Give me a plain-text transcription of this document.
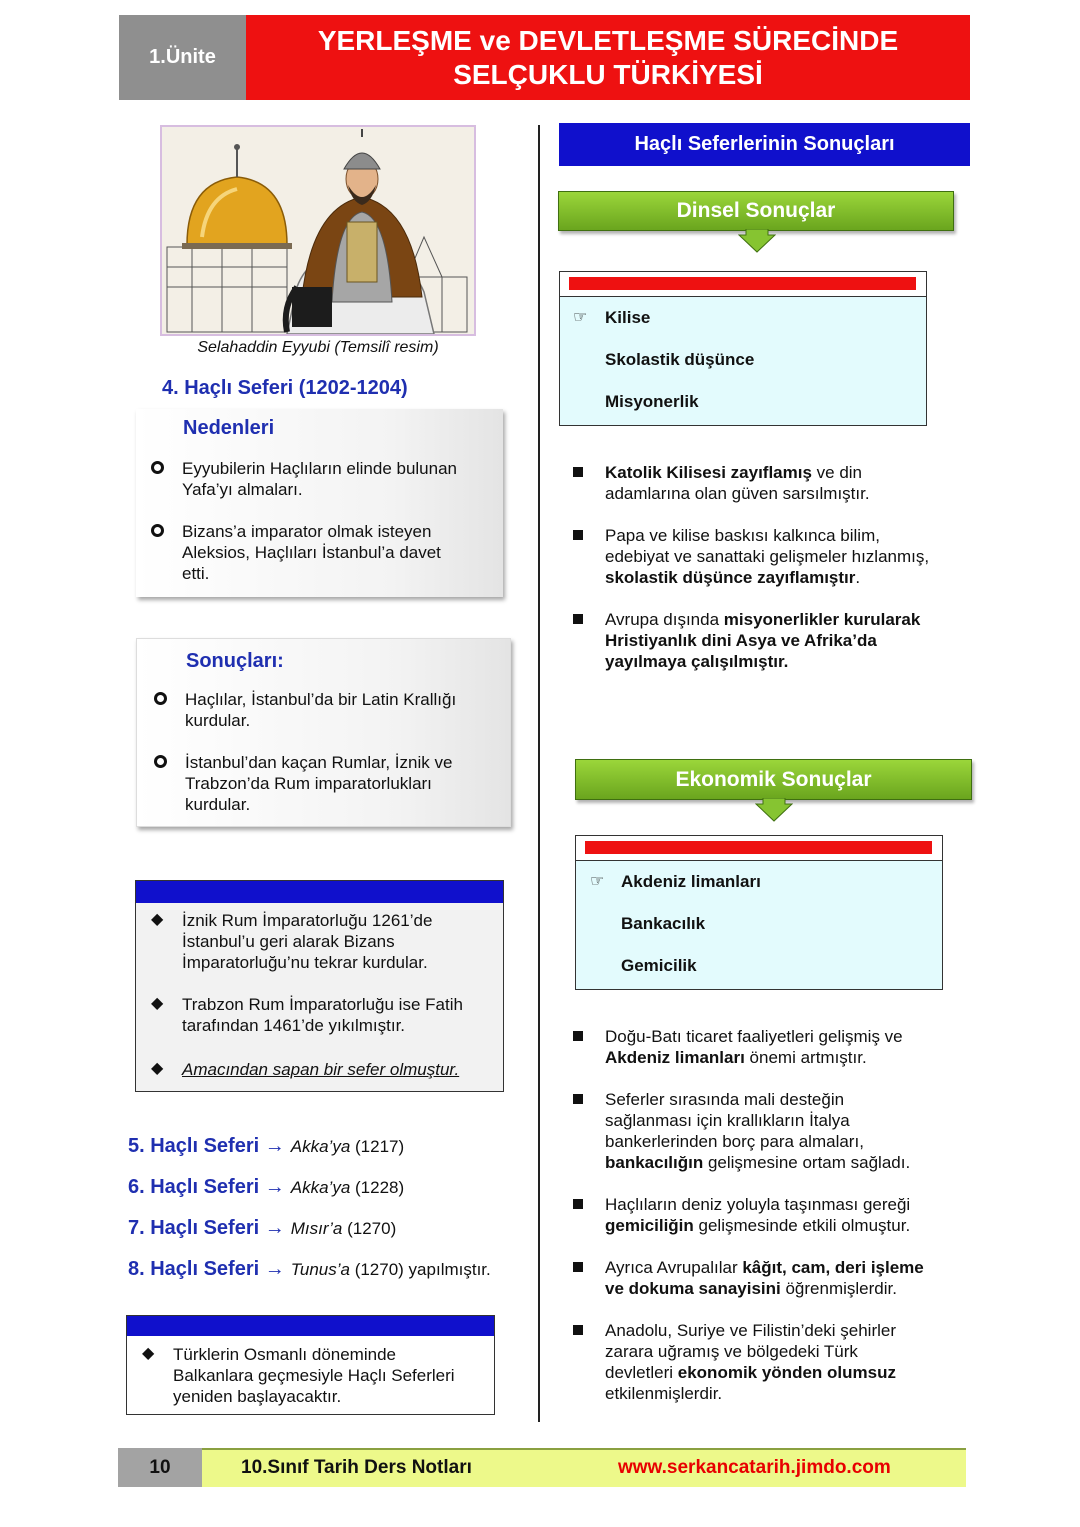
1.Ünite
YERLEŞME ve DEVLETLEŞME SÜRECİNDE
SELÇUKLU TÜRKİYESİ
Selahaddin Eyyubi (Temsilî resim)
4. Haçlı Seferi (1202-1204)
Nedenleri
Eyyubilerin Haçlıların elinde bulunan
Yafa’yı almaları.
Bizans’a imparator olmak isteyen
Aleksios, Haçlıları İstanbul’a davet
etti.
Sonuçları:
Haçlılar, İstanbul’da bir Latin Krallığı
kurdular.
İstanbul’dan kaçan Rumlar, İznik ve
Trabzon’da Rum imparatorlukları
kurdular.
◆ İznik Rum İmparatorluğu 1261’de
İstanbul’u geri alarak Bizans
İmparatorluğu’nu tekrar kurdular.
◆ Trabzon Rum İmparatorluğu ise Fatih
tarafından 1461’de yıkılmıştır.
◆ Amacından sapan bir sefer olmuştur.
5. Haçlı Seferi → Akka’ya (1217)
6. Haçlı Seferi → Akka’ya (1228)
7. Haçlı Seferi → Mısır’a (1270)
8. Haçlı Seferi → Tunus’a (1270) yapılmıştır.
◆ Türklerin Osmanlı döneminde
Balkanlara geçmesiyle Haçlı Seferleri
yeniden başlayacaktır.
Haçlı Seferlerinin Sonuçları
Dinsel Sonuçlar
☞ Kilise
Skolastik düşünce
Misyonerlik
Katolik Kilisesi zayıflamış ve din
adamlarına olan güven sarsılmıştır.
Papa ve kilise baskısı kalkınca bilim,
edebiyat ve sanattaki gelişmeler hızlanmış,
skolastik düşünce zayıflamıştır.
Avrupa dışında misyonerlikler kurularak
Hristiyanlık dini Asya ve Afrika’da
yayılmaya çalışılmıştır.
Ekonomik Sonuçlar
☞ Akdeniz limanları
Bankacılık
Gemicilik
Doğu-Batı ticaret faaliyetleri gelişmiş ve
Akdeniz limanları önemi artmıştır.
Seferler sırasında mali desteğin
sağlanması için krallıkların İtalya
bankerlerinden borç para almaları,
bankacılığın gelişmesine ortam sağladı.
Haçlıların deniz yoluyla taşınması gereği
gemiciliğin gelişmesinde etkili olmuştur.
Ayrıca Avrupalılar kâğıt, cam, deri işleme
ve dokuma sanayisini öğrenmişlerdir.
Anadolu, Suriye ve Filistin’deki şehirler
zarara uğramış ve bölgedeki Türk
devletleri ekonomik yönden olumsuz
etkilenmişlerdir.
10	10.Sınıf Tarih Ders Notları	www.serkancatarih.jimdo.com
